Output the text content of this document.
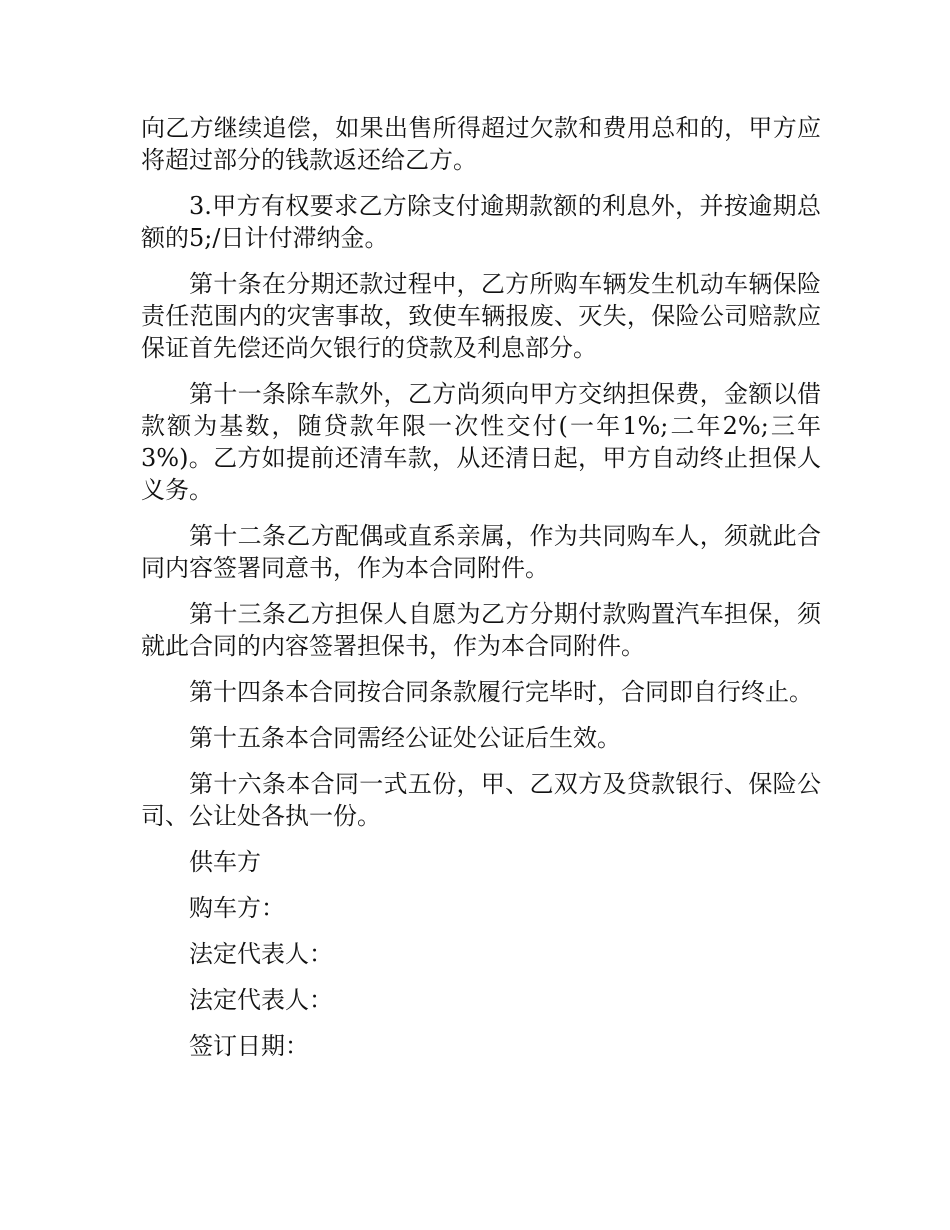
向乙方继续追偿，如果出售所得超过欠款和费用总和的，甲方应将超过部分的钱款返还给乙方。

3.甲方有权要求乙方除支付逾期款额的利息外，并按逾期总额的5;/日计付滞纳金。

第十条在分期还款过程中，乙方所购车辆发生机动车辆保险责任范围内的灾害事故，致使车辆报废、灭失，保险公司赔款应保证首先偿还尚欠银行的贷款及利息部分。

第十一条除车款外，乙方尚须向甲方交纳担保费，金额以借款额为基数，随贷款年限一次性交付(一年1%;二年2%;三年3%)。乙方如提前还清车款，从还清日起，甲方自动终止担保人义务。

第十二条乙方配偶或直系亲属，作为共同购车人，须就此合同内容签署同意书，作为本合同附件。

第十三条乙方担保人自愿为乙方分期付款购置汽车担保，须就此合同的内容签署担保书，作为本合同附件。

第十四条本合同按合同条款履行完毕时，合同即自行终止。

第十五条本合同需经公证处公证后生效。

第十六条本合同一式五份，甲、乙双方及贷款银行、保险公司、公让处各执一份。

供车方

购车方：

法定代表人：

法定代表人：

签订日期：
